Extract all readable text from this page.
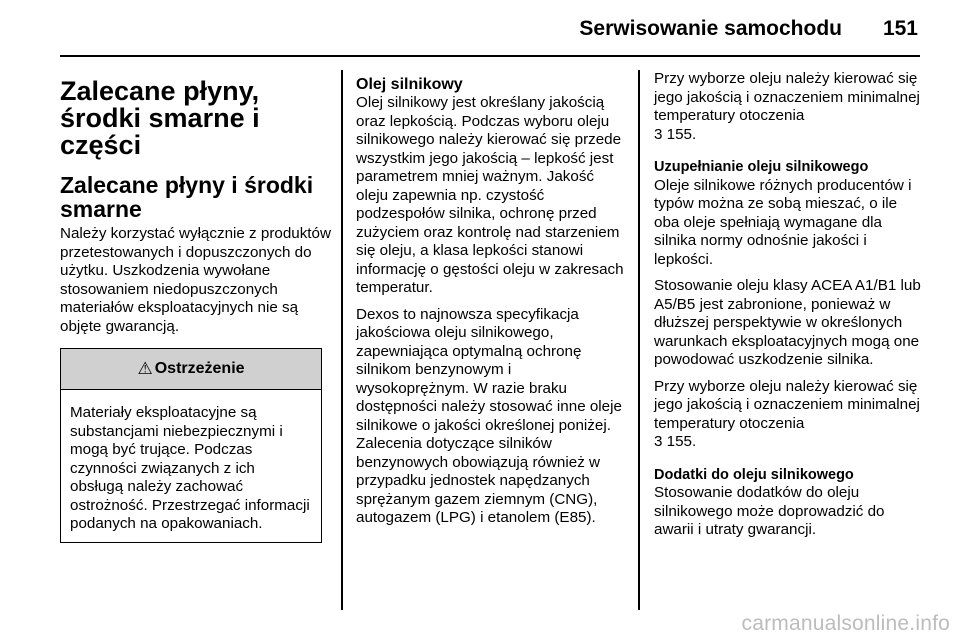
Serwisowanie samochodu 151
Zalecane płyny, środki smarne i części
Zalecane płyny i środki smarne

Należy korzystać wyłącznie z produktów przetestowanych i dopuszczonych do użytku. Uszkodzenia wywołane stosowaniem niedopuszczonych materiałów eksploatacyjnych nie są objęte gwarancją.

⚠ Ostrzeżenie
Materiały eksploatacyjne są substancjami niebezpiecznymi i mogą być trujące. Podczas czynności związanych z ich obsługą należy zachować ostrożność. Przestrzegać informacji podanych na opakowaniach.
Olej silnikowy

Olej silnikowy jest określany jakością oraz lepkością. Podczas wyboru oleju silnikowego należy kierować się przede wszystkim jego jakością – lepkość jest parametrem mniej ważnym. Jakość oleju zapewnia np. czystość podzespołów silnika, ochronę przed zużyciem oraz kontrolę nad starzeniem się oleju, a klasa lepkości stanowi informację o gęstości oleju w zakresach temperatur.

Dexos to najnowsza specyfikacja jakościowa oleju silnikowego, zapewniająca optymalną ochronę silnikom benzynowym i wysokoprężnym. W razie braku dostępności należy stosować inne oleje silnikowe o jakości określonej poniżej. Zalecenia dotyczące silników benzynowych obowiązują również w przypadku jednostek napędzanych sprężanym gazem ziemnym (CNG), autogazem (LPG) i etanolem (E85).

Przy wyborze oleju należy kierować się jego jakością i oznaczeniem minimalnej temperatury otoczenia
3 155.

Uzupełnianie oleju silnikowego
Oleje silnikowe różnych producentów i typów można ze sobą mieszać, o ile oba oleje spełniają wymagane dla silnika normy odnośnie jakości i lepkości.

Stosowanie oleju klasy ACEA A1/B1 lub A5/B5 jest zabronione, ponieważ w dłuższej perspektywie w określonych warunkach eksploatacyjnych mogą one powodować uszkodzenie silnika.

Przy wyborze oleju należy kierować się jego jakością i oznaczeniem minimalnej temperatury otoczenia
3 155.

Dodatki do oleju silnikowego
Stosowanie dodatków do oleju silnikowego może doprowadzić do awarii i utraty gwarancji.

carmanualsonline.info
